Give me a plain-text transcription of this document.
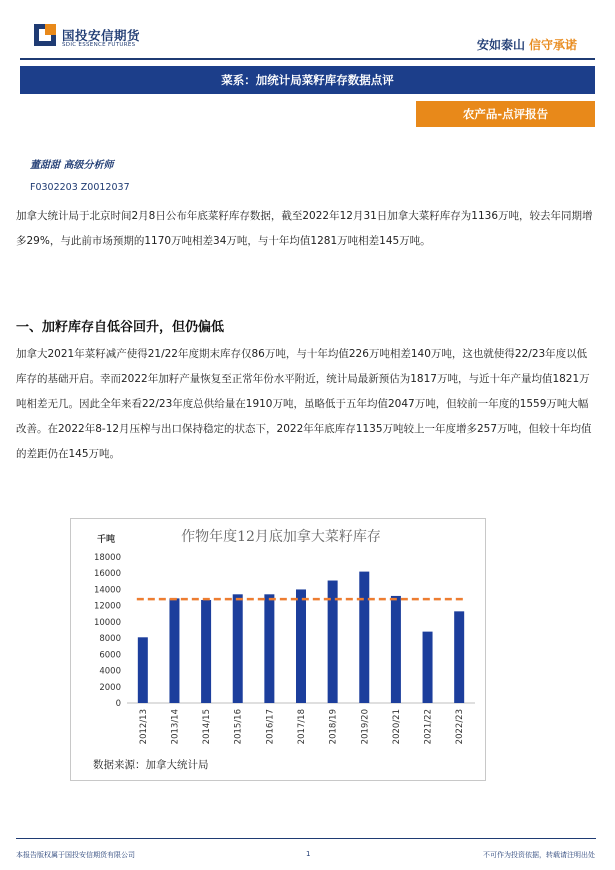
国投安信期货
SDIC ESSENCE FUTURES	安如泰山 信守承诺
菜系：加统计局菜籽库存数据点评
农产品-点评报告
董甜甜 高级分析师
F0302203 Z0012037
加拿大统计局于北京时间2月8日公布年底菜籽库存数据，截至2022年12月31日加拿大菜籽库存为1136万吨，较去年同期增多29%，与此前市场预期的1170万吨相差34万吨，与十年均值1281万吨相差145万吨。
一、加籽库存自低谷回升，但仍偏低
加拿大2021年菜籽减产使得21/22年度期末库存仅86万吨，与十年均值226万吨相差140万吨，这也就使得22/23年度以低库存的基础开启。幸而2022年加籽产量恢复至正常年份水平附近，统计局最新预估为1817万吨，与近十年产量均值1821万吨相差无几。因此全年来看22/23年度总供给量在1910万吨，虽略低于五年均值2047万吨，但较前一年度的1559万吨大幅改善。在2022年8-12月压榨与出口保持稳定的状态下，2022年年底库存1135万吨较上一年度增多257万吨，但较十年均值的差距仍在145万吨。
作物年度12月底加拿大菜籽库存
千吨
0
2000
4000
6000
8000
10000
12000
14000
16000
18000
2012/13	2013/14	2014/15	2015/16	2016/17	2017/18	2018/19	2019/20	2020/21	2021/22	2022/23
数据来源：加拿大统计局
本报告版权属于国投安信期货有限公司	1	不可作为投资依据，转载请注明出处
